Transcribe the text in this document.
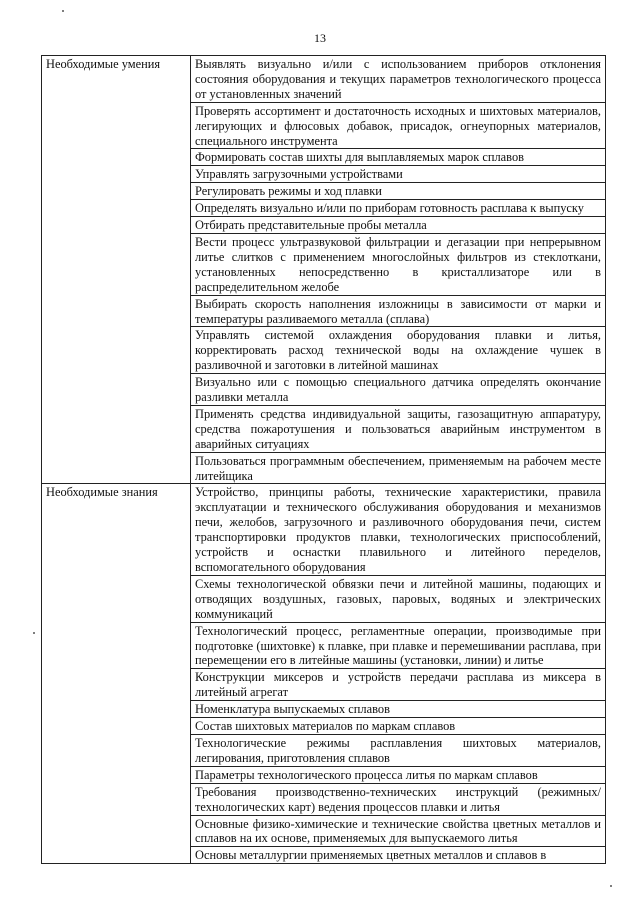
13
Необходимые умения	Выявлять визуально и/или с использованием приборов отклонения состояния оборудования и текущих параметров технологического процесса от установленных значений
	Проверять ассортимент и достаточность исходных и шихтовых материалов, легирующих и флюсовых добавок, присадок, огнеупорных материалов, специального инструмента
	Формировать состав шихты для выплавляемых марок сплавов
	Управлять загрузочными устройствами
	Регулировать режимы и ход плавки
	Определять визуально и/или по приборам готовность расплава к выпуску
	Отбирать представительные пробы металла
	Вести процесс ультразвуковой фильтрации и дегазации при непрерывном литье слитков с применением многослойных фильтров из стеклоткани, установленных непосредственно в кристаллизаторе или в распределительном желобе
	Выбирать скорость наполнения изложницы в зависимости от марки и температуры разливаемого металла (сплава)
	Управлять системой охлаждения оборудования плавки и литья, корректировать расход технической воды на охлаждение чушек в разливочной и заготовки в литейной машинах
	Визуально или с помощью специального датчика определять окончание разливки металла
	Применять средства индивидуальной защиты, газозащитную аппаратуру, средства пожаротушения и пользоваться аварийным инструментом в аварийных ситуациях
	Пользоваться программным обеспечением, применяемым на рабочем месте литейщика
Необходимые знания	Устройство, принципы работы, технические характеристики, правила эксплуатации и технического обслуживания оборудования и механизмов печи, желобов, загрузочного и разливочного оборудования печи, систем транспортировки продуктов плавки, технологических приспособлений, устройств и оснастки плавильного и литейного переделов, вспомогательного оборудования
	Схемы технологической обвязки печи и литейной машины, подающих и отводящих воздушных, газовых, паровых, водяных и электрических коммуникаций
	Технологический процесс, регламентные операции, производимые при подготовке (шихтовке) к плавке, при плавке и перемешивании расплава, при перемещении его в литейные машины (установки, линии) и литье
	Конструкции миксеров и устройств передачи расплава из миксера в литейный агрегат
	Номенклатура выпускаемых сплавов
	Состав шихтовых материалов по маркам сплавов
	Технологические режимы расплавления шихтовых материалов, легирования, приготовления сплавов
	Параметры технологического процесса литья по маркам сплавов
	Требования производственно-технических инструкций (режимных/технологических карт) ведения процессов плавки и литья
	Основные физико-химические и технические свойства цветных металлов и сплавов на их основе, применяемых для выпускаемого литья
	Основы металлургии применяемых цветных металлов и сплавов в
